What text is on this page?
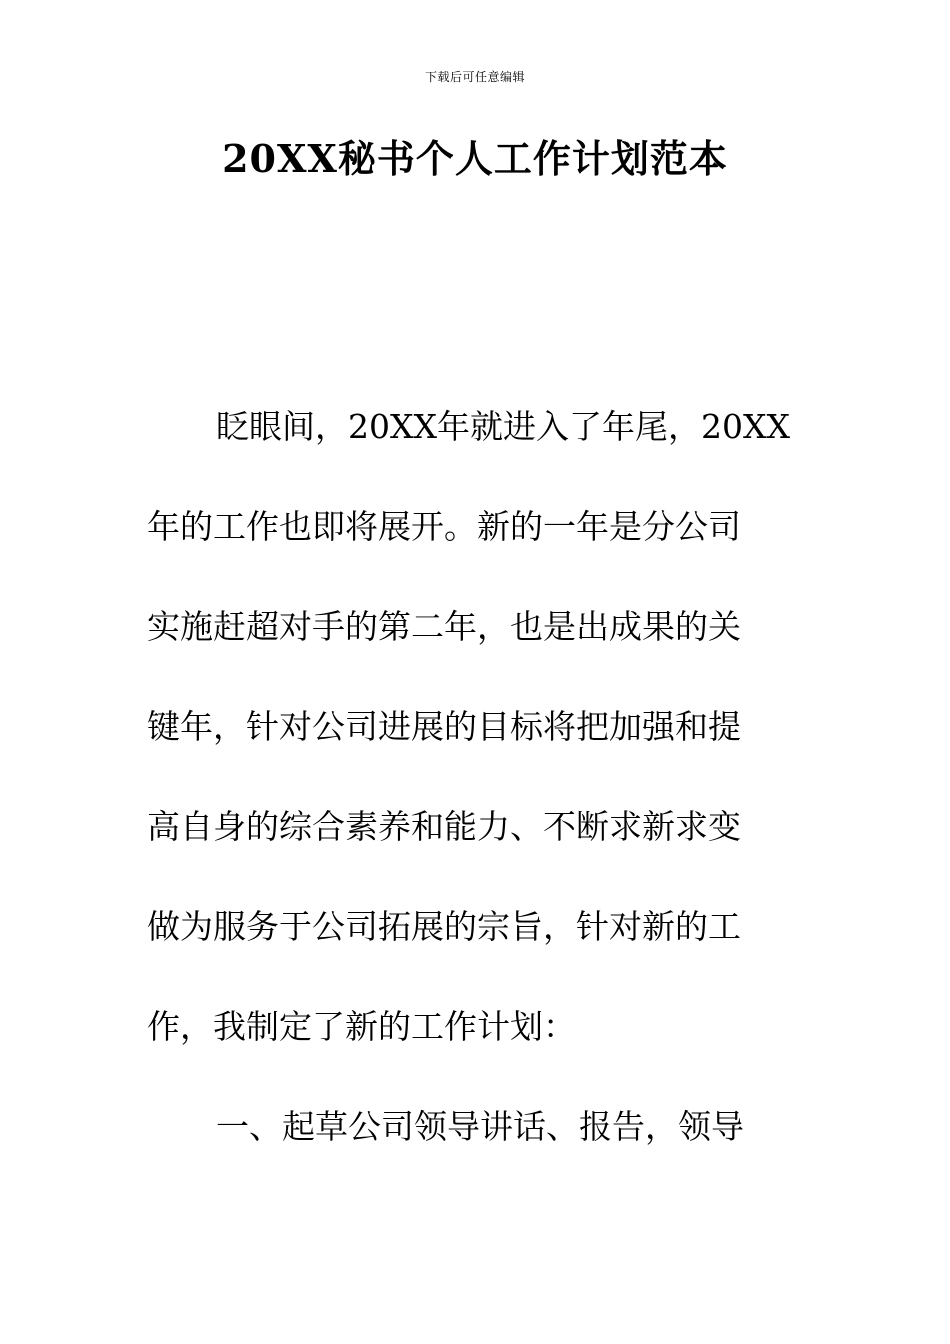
下载后可任意编辑
20XX秘书个人工作计划范本
眨眼间，20XX年就进入了年尾，20XX
年的工作也即将展开。新的一年是分公司
实施赶超对手的第二年，也是出成果的关
键年，针对公司进展的目标将把加强和提
高自身的综合素养和能力、不断求新求变
做为服务于公司拓展的宗旨，针对新的工
作，我制定了新的工作计划：
一、起草公司领导讲话、报告，领导
